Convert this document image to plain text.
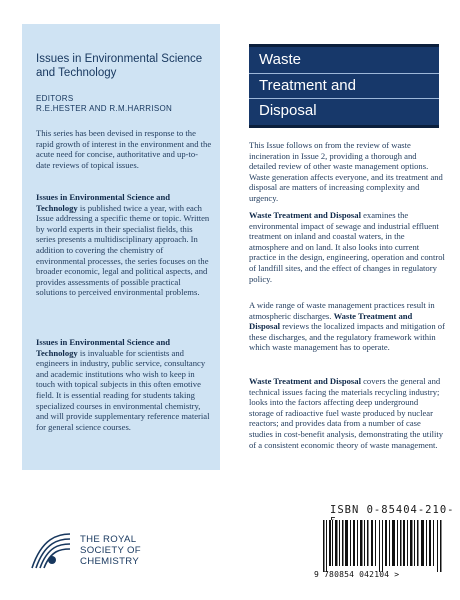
Issues in Environmental Science and Technology
EDITORS
R.E.HESTER AND R.M.HARRISON

This series has been devised in response to the rapid growth of interest in the environment and the acute need for concise, authoritative and up-to-date reviews of topical issues.

Issues in Environmental Science and Technology is published twice a year, with each Issue addressing a specific theme or topic. Written by world experts in their specialist fields, this series presents a multidisciplinary approach. In addition to covering the chemistry of environmental processes, the series focuses on the broader economic, legal and political aspects, and provides assessments of possible practical solutions to perceived environmental problems.

Issues in Environmental Science and Technology is invaluable for scientists and engineers in industry, public service, consultancy and academic institutions who wish to keep in touch with topical subjects in this often emotive field. It is essential reading for students taking specialized courses in environmental chemistry, and will provide supplementary reference material for general science courses.

Waste
Treatment and
Disposal

This Issue follows on from the review of waste incineration in Issue 2, providing a thorough and detailed review of other waste management options. Waste generation affects everyone, and its treatment and disposal are matters of increasing complexity and urgency.

Waste Treatment and Disposal examines the environmental impact of sewage and industrial effluent treatment on inland and coastal waters, in the atmosphere and on land. It also looks into current practice in the design, engineering, operation and control of landfill sites, and the effect of changes in regulatory policy.

A wide range of waste management practices result in atmospheric discharges. Waste Treatment and Disposal reviews the localized impacts and mitigation of these discharges, and the regulatory framework within which waste management has to operate.

Waste Treatment and Disposal covers the general and technical issues facing the materials recycling industry; looks into the factors affecting deep underground storage of radioactive fuel waste produced by nuclear reactors; and provides data from a number of case studies in cost-benefit analysis, demonstrating the utility of a consistent economic theory of waste management.

ISBN 0-85404-210-
THE ROYAL
SOCIETY OF
CHEMISTRY
9 780854 042104 >
